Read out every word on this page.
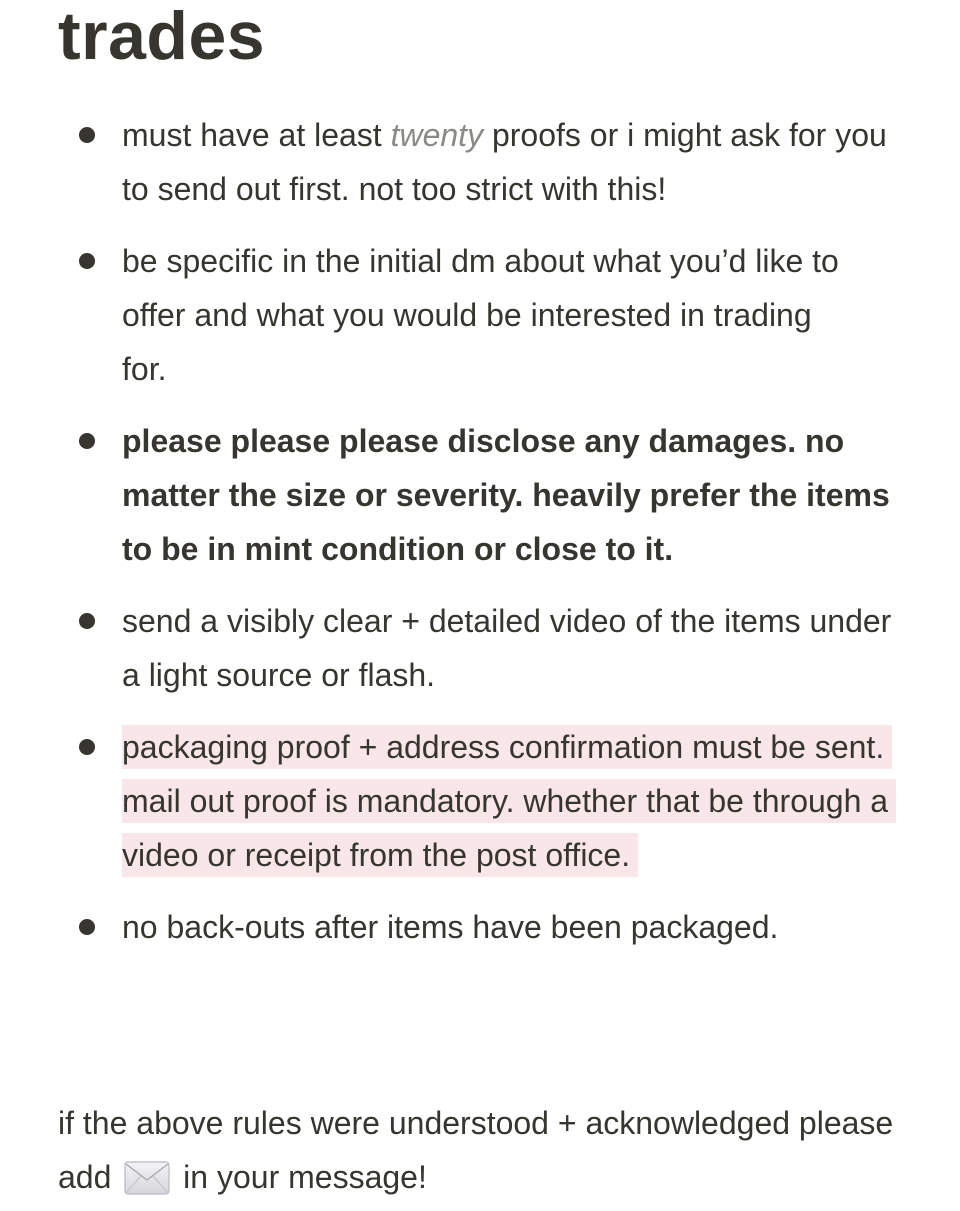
trades
must have at least twenty proofs or i might ask for you to send out first. not too strict with this!
be specific in the initial dm about what you’d like to offer and what you would be interested in trading for.
please please please disclose any damages. no matter the size or severity. heavily prefer the items to be in mint condition or close to it.
send a visibly clear + detailed video of the items under a light source or flash.
packaging proof + address confirmation must be sent. mail out proof is mandatory. whether that be through a video or receipt from the post office.
no back-outs after items have been packaged.

if the above rules were understood + acknowledged please add  in your message!
